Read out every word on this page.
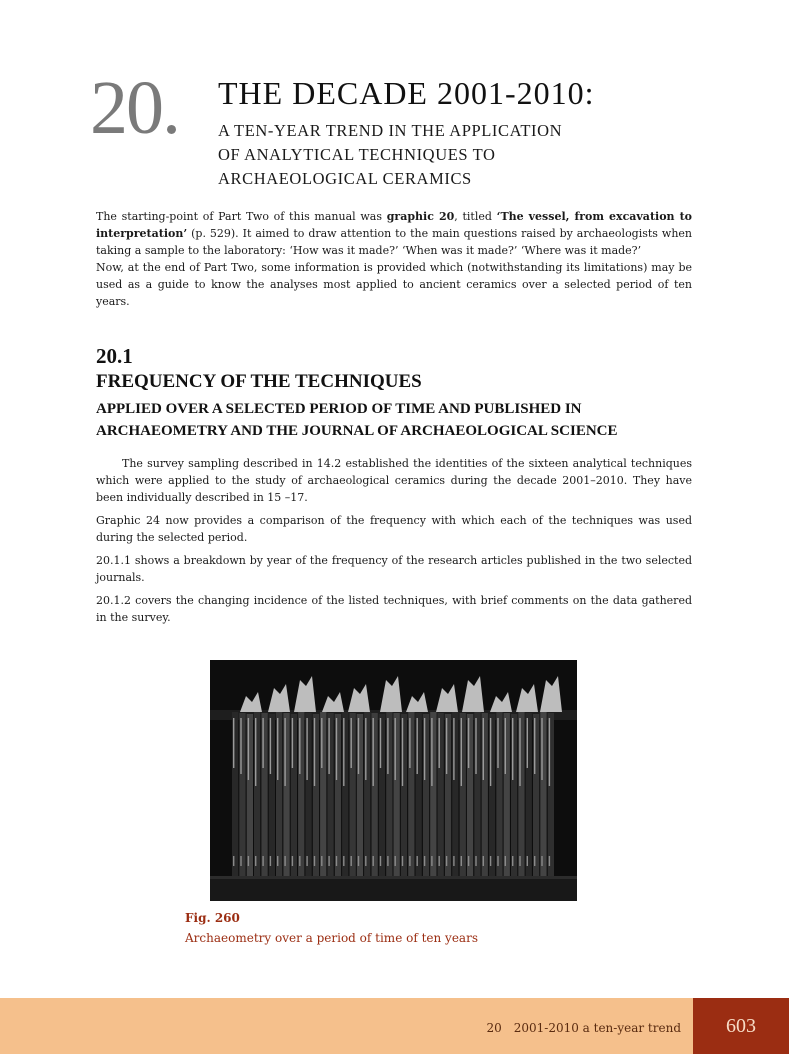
20. THE DECADE 2001-2010:
A TEN-YEAR TREND IN THE APPLICATION
OF ANALYTICAL TECHNIQUES TO
ARCHAEOLOGICAL CERAMICS
The starting-point of Part Two of this manual was graphic 20, titled ‘The vessel, from excavation to interpretation’ (p. 529). It aimed to draw attention to the main questions raised by archaeologists when taking a sample to the laboratory: ‘How was it made?’ ‘When was it made?’ ‘Where was it made?’
Now, at the end of Part Two, some information is provided which (notwithstanding its limitations) may be used as a guide to know the analyses most applied to ancient ceramics over a selected period of ten years.
20.1
FREQUENCY OF THE TECHNIQUES
APPLIED OVER A SELECTED PERIOD OF TIME AND PUBLISHED IN
ARCHAEOMETRY AND THE JOURNAL OF ARCHAEOLOGICAL SCIENCE

The survey sampling described in 14.2 established the identities of the sixteen analytical techniques which were applied to the study of archaeological ceramics during the decade 2001–2010. They have been individually described in 15 –17.

Graphic 24 now provides a comparison of the frequency with which each of the techniques was used during the selected period.

20.1.1 shows a breakdown by year of the frequency of the research articles published in the two selected journals.

20.1.2 covers the changing incidence of the listed techniques, with brief comments on the data gathered in the survey.

Fig. 260
Archaeometry over a period of time of ten years
20 2001-2010 a ten-year trend	603
